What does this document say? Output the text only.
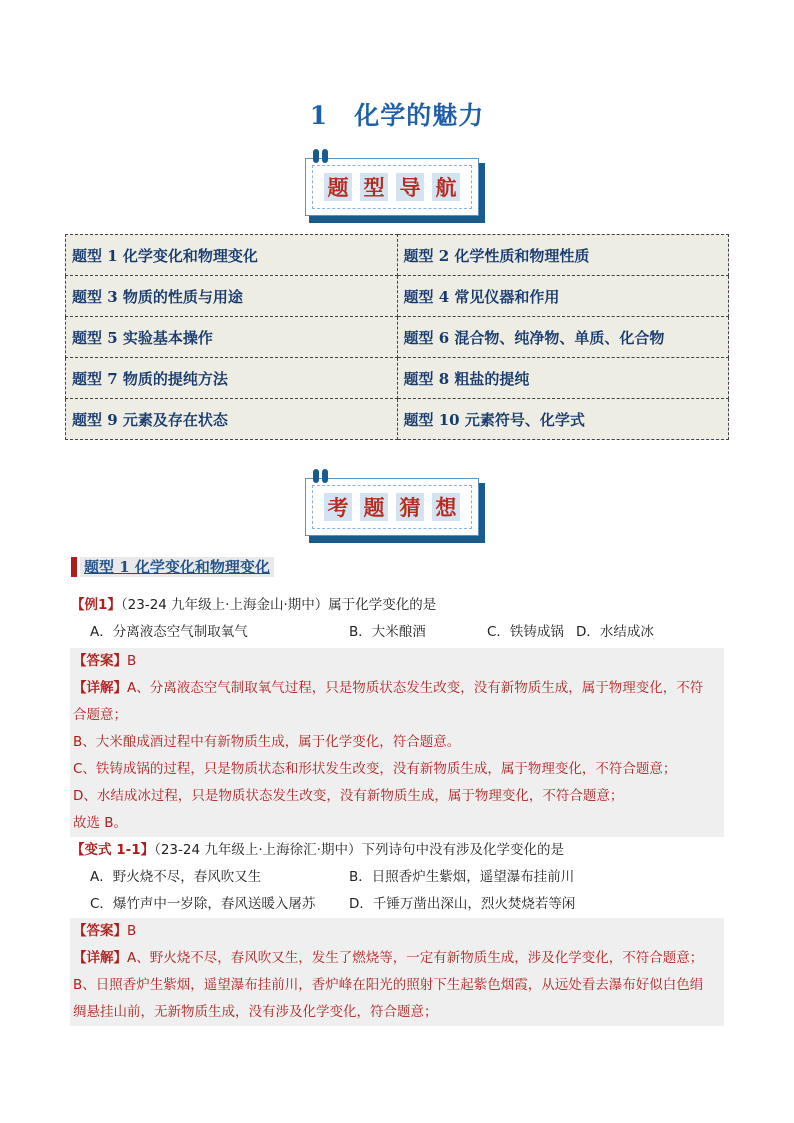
1 化学的魅力
题 型 导 航
题型 1 化学变化和物理变化	题型 2 化学性质和物理性质
题型 3 物质的性质与用途	题型 4 常见仪器和作用
题型 5 实验基本操作	题型 6 混合物、纯净物、单质、化合物
题型 7 物质的提纯方法	题型 8 粗盐的提纯
题型 9 元素及存在状态	题型 10 元素符号、化学式
考 题 猜 想
题型 1 化学变化和物理变化
【例1】（23-24 九年级上·上海金山·期中）属于化学变化的是
A．分离液态空气制取氧气	B．大米酿酒	C．铁铸成锅 D．水结成冰
【答案】B
【详解】A、分离液态空气制取氧气过程，只是物质状态发生改变，没有新物质生成，属于物理变化，不符
合题意；
B、大米酿成酒过程中有新物质生成，属于化学变化，符合题意。
C、铁铸成锅的过程，只是物质状态和形状发生改变，没有新物质生成，属于物理变化，不符合题意；
D、水结成冰过程，只是物质状态发生改变，没有新物质生成，属于物理变化，不符合题意；
故选 B。
【变式 1-1】（23-24 九年级上·上海徐汇·期中）下列诗句中没有涉及化学变化的是
A．野火烧不尽，春风吹又生	B．日照香炉生紫烟，遥望瀑布挂前川
C．爆竹声中一岁除，春风送暖入屠苏 D．千锤万凿出深山，烈火焚烧若等闲
【答案】B
【详解】A、野火烧不尽，春风吹又生，发生了燃烧等，一定有新物质生成，涉及化学变化，不符合题意；
B、日照香炉生紫烟，遥望瀑布挂前川，香炉峰在阳光的照射下生起紫色烟霞，从远处看去瀑布好似白色绢
绸悬挂山前，无新物质生成，没有涉及化学变化，符合题意；
